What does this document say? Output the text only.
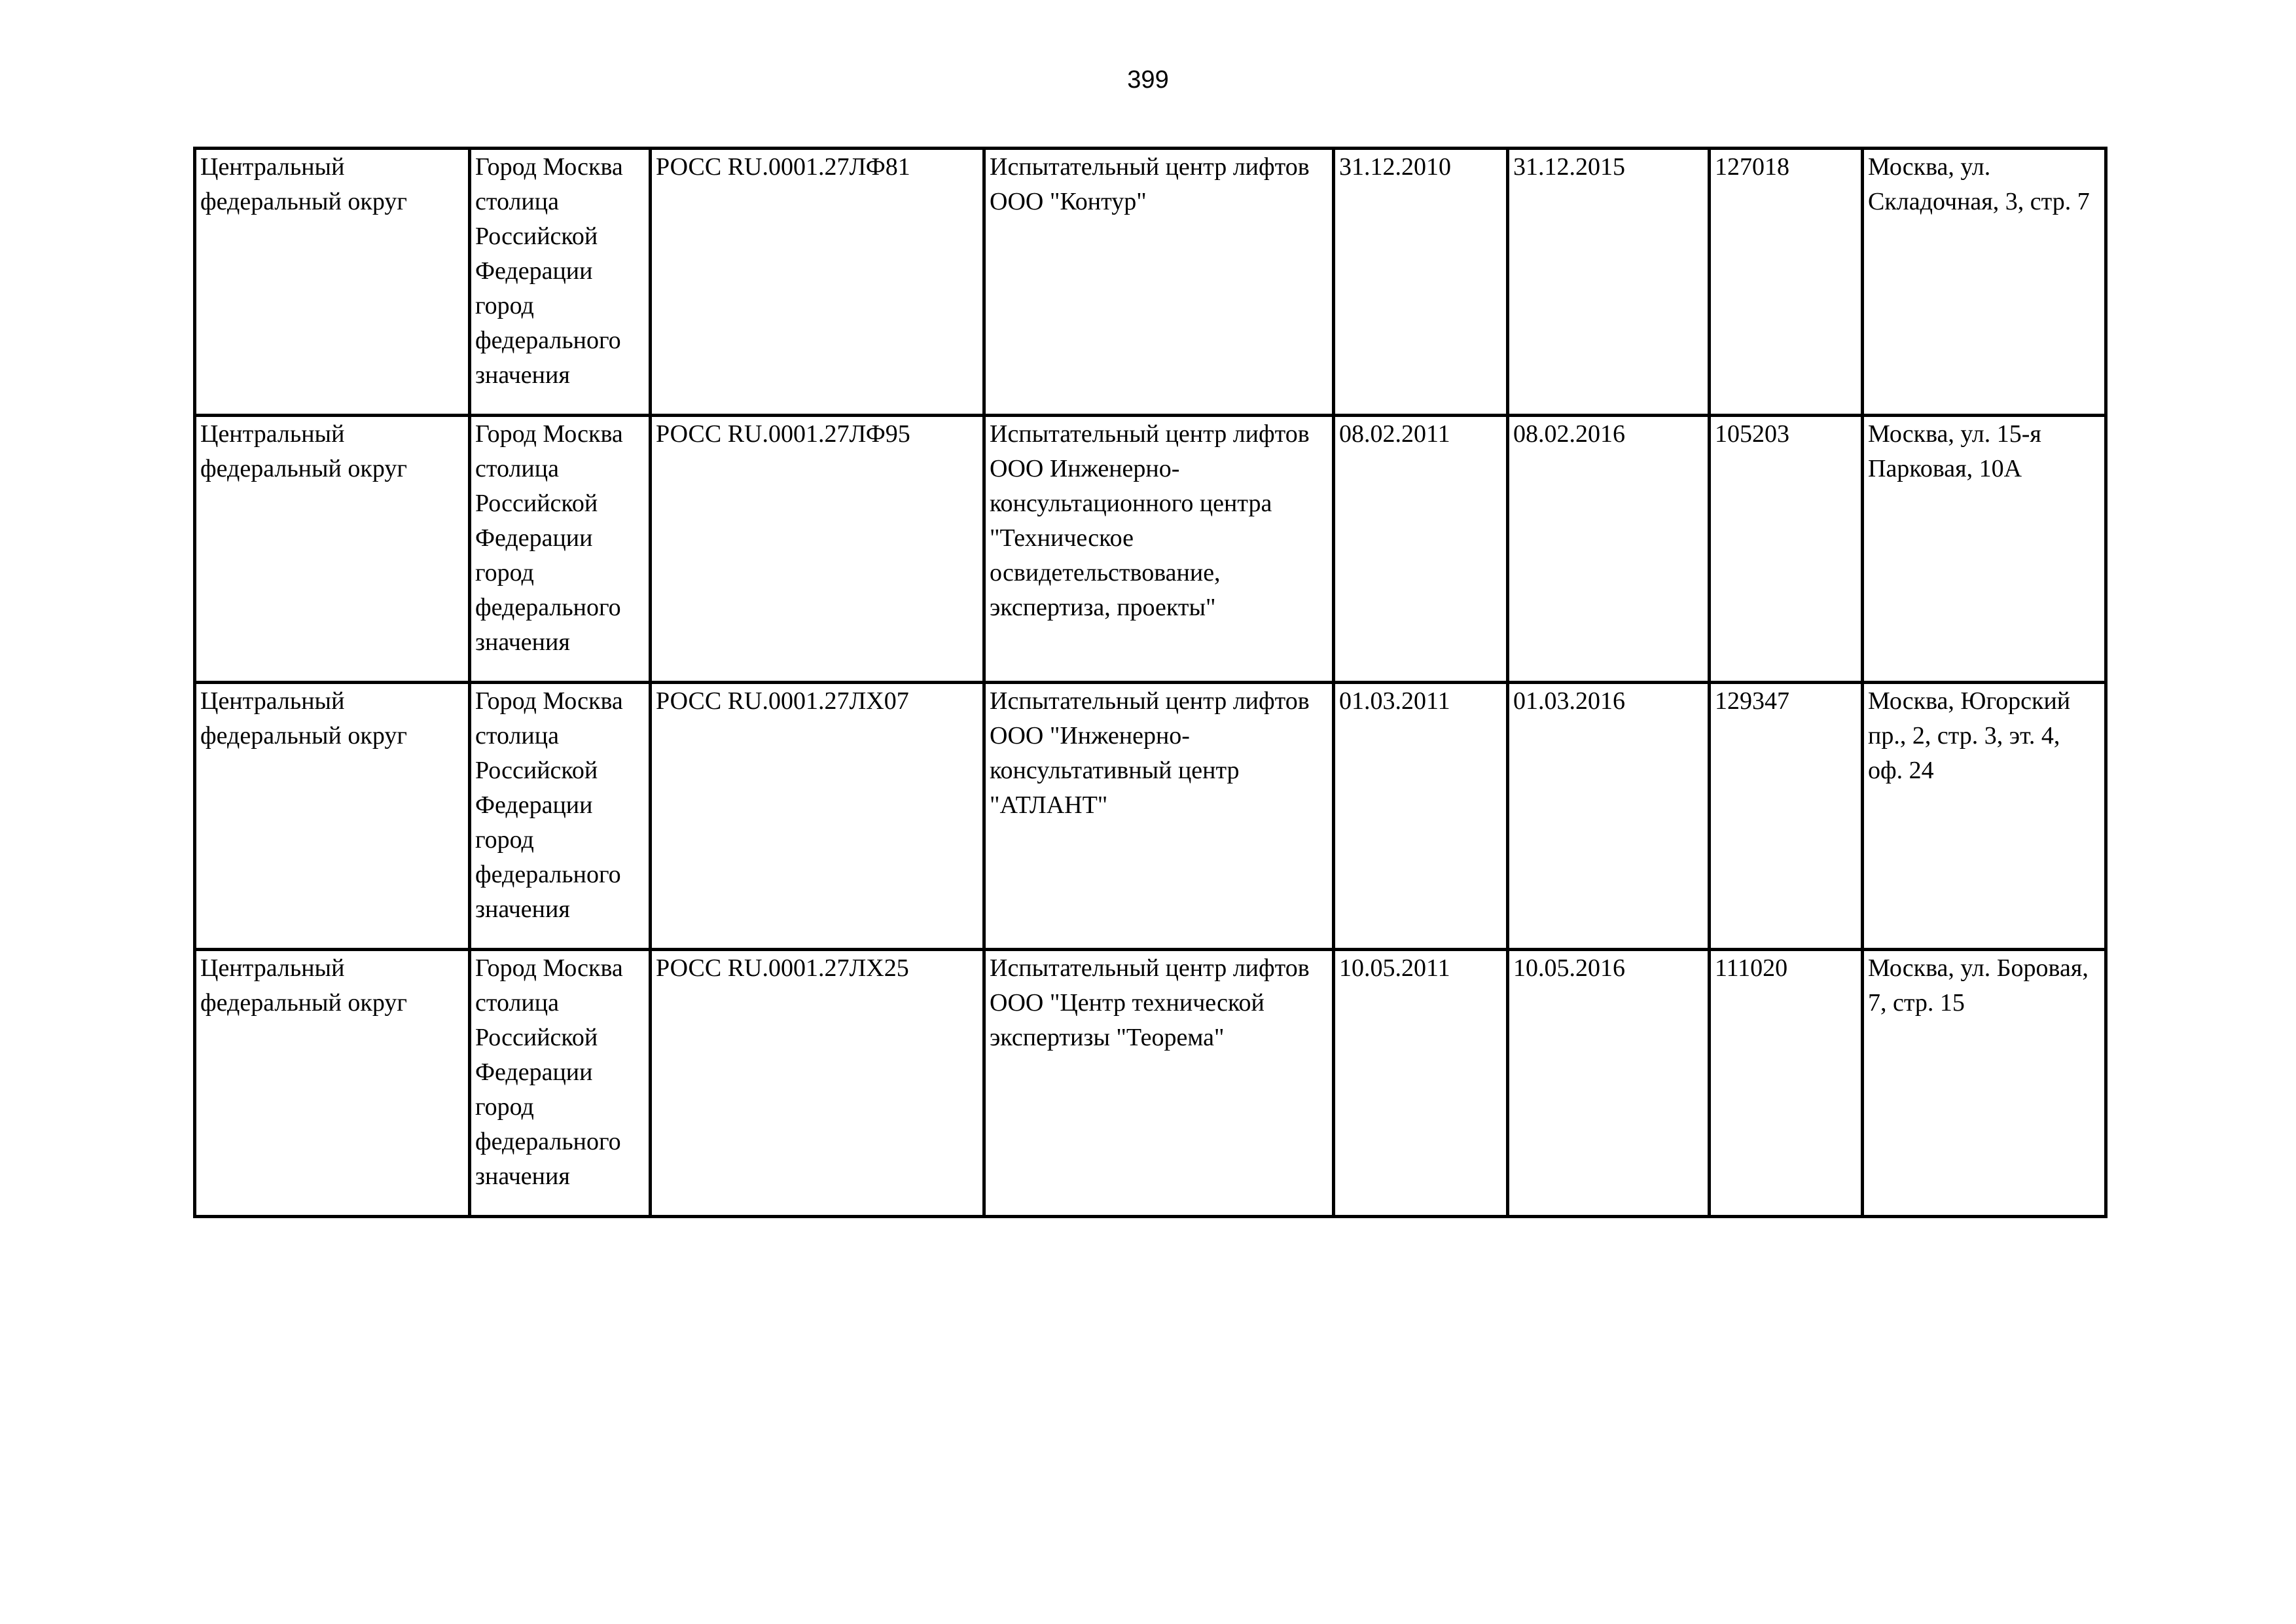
399
Центральный федеральный округ	Город Москва столица Российской Федерации город федерального значения	РОСС RU.0001.27ЛФ81	Испытательный центр лифтов ООО "Контур"	31.12.2010	31.12.2015	127018	Москва, ул. Складочная, 3, стр. 7

Центральный федеральный округ	Город Москва столица Российской Федерации город федерального значения	РОСС RU.0001.27ЛФ95	Испытательный центр лифтов ООО Инженерно-консультационного центра "Техническое освидетельствование, экспертиза, проекты"	08.02.2011	08.02.2016	105203	Москва, ул. 15-я Парковая, 10А

Центральный федеральный округ	Город Москва столица Российской Федерации город федерального значения	РОСС RU.0001.27ЛХ07	Испытательный центр лифтов ООО "Инженерно-консультативный центр "АТЛАНТ"	01.03.2011	01.03.2016	129347	Москва, Югорский пр., 2, стр. 3, эт. 4, оф. 24

Центральный федеральный округ	Город Москва столица Российской Федерации город федерального значения	РОСС RU.0001.27ЛХ25	Испытательный центр лифтов ООО "Центр технической экспертизы "Теорема"	10.05.2011	10.05.2016	111020	Москва, ул. Боровая, 7, стр. 15
